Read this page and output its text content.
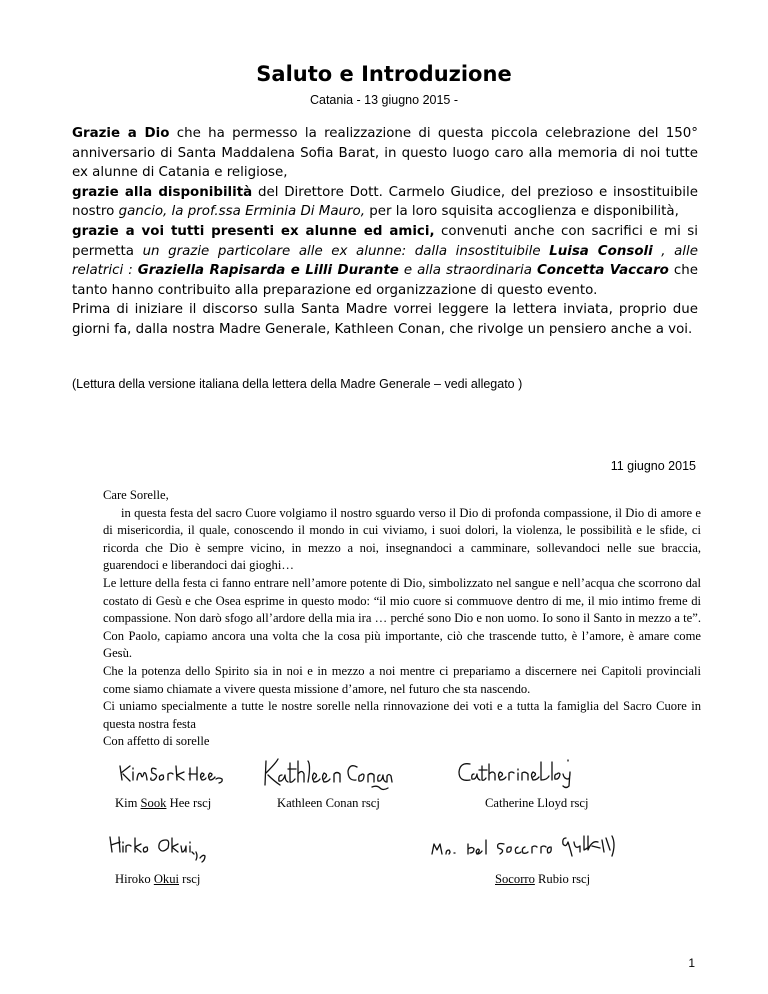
Saluto e Introduzione
Catania - 13 giugno 2015 -

Grazie a Dio che ha permesso la realizzazione di questa piccola celebrazione del 150° anniversario di Santa Maddalena Sofia Barat, in questo luogo caro alla memoria di noi tutte ex alunne di Catania e religiose,

grazie alla disponibilità del Direttore Dott. Carmelo Giudice, del prezioso e insostituibile nostro gancio, la prof.ssa Erminia Di Mauro, per la loro squisita accoglienza e disponibilità,

grazie a voi tutti presenti ex alunne ed amici, convenuti anche con sacrifici e mi si permetta un grazie particolare alle ex alunne: dalla insostituibile Luisa Consoli , alle relatrici : Graziella Rapisarda e Lilli Durante e alla straordinaria Concetta Vaccaro che tanto hanno contribuito alla preparazione ed organizzazione di questo evento.

Prima di iniziare il discorso sulla Santa Madre vorrei leggere la lettera inviata, proprio due giorni fa, dalla nostra Madre Generale, Kathleen Conan, che rivolge un pensiero anche a voi.

(Lettura della versione italiana della lettera della Madre Generale – vedi allegato )
11 giugno 2015

Care Sorelle,

in questa festa del sacro Cuore volgiamo il nostro sguardo verso il Dio di profonda compassione, il Dio di amore e di misericordia, il quale, conoscendo il mondo in cui viviamo, i suoi dolori, la violenza, le possibilità e le sfide, ci ricorda che Dio è sempre vicino, in mezzo a noi, insegnandoci a camminare, sollevandoci nelle sue braccia, guarendoci e liberandoci dai gioghi…

Le letture della festa ci fanno entrare nell’amore potente di Dio, simbolizzato nel sangue e nell’acqua che scorrono dal costato di Gesù e che Osea esprime in questo modo: “il mio cuore si commuove dentro di me, il mio intimo freme di compassione. Non darò sfogo all’ardore della mia ira … perché sono Dio e non uomo. Io sono il Santo in mezzo a te”. Con Paolo, capiamo ancora una volta che la cosa più importante, ciò che trascende tutto, è l’amore, è amare come Gesù.

Che la potenza dello Spirito sia in noi e in mezzo a noi mentre ci prepariamo a discernere nei Capitoli provinciali come siamo chiamate a vivere questa missione d’amore, nel futuro che sta nascendo.

Ci uniamo specialmente a tutte le nostre sorelle nella rinnovazione dei voti e a tutta la famiglia del Sacro Cuore in questa nostra festa

Con affetto di sorelle

Kim Sook Hee rscj	Kathleen Conan rscj	Catherine Lloyd rscj
Hiroko Okui rscj	Socorro Rubio rscj
1
